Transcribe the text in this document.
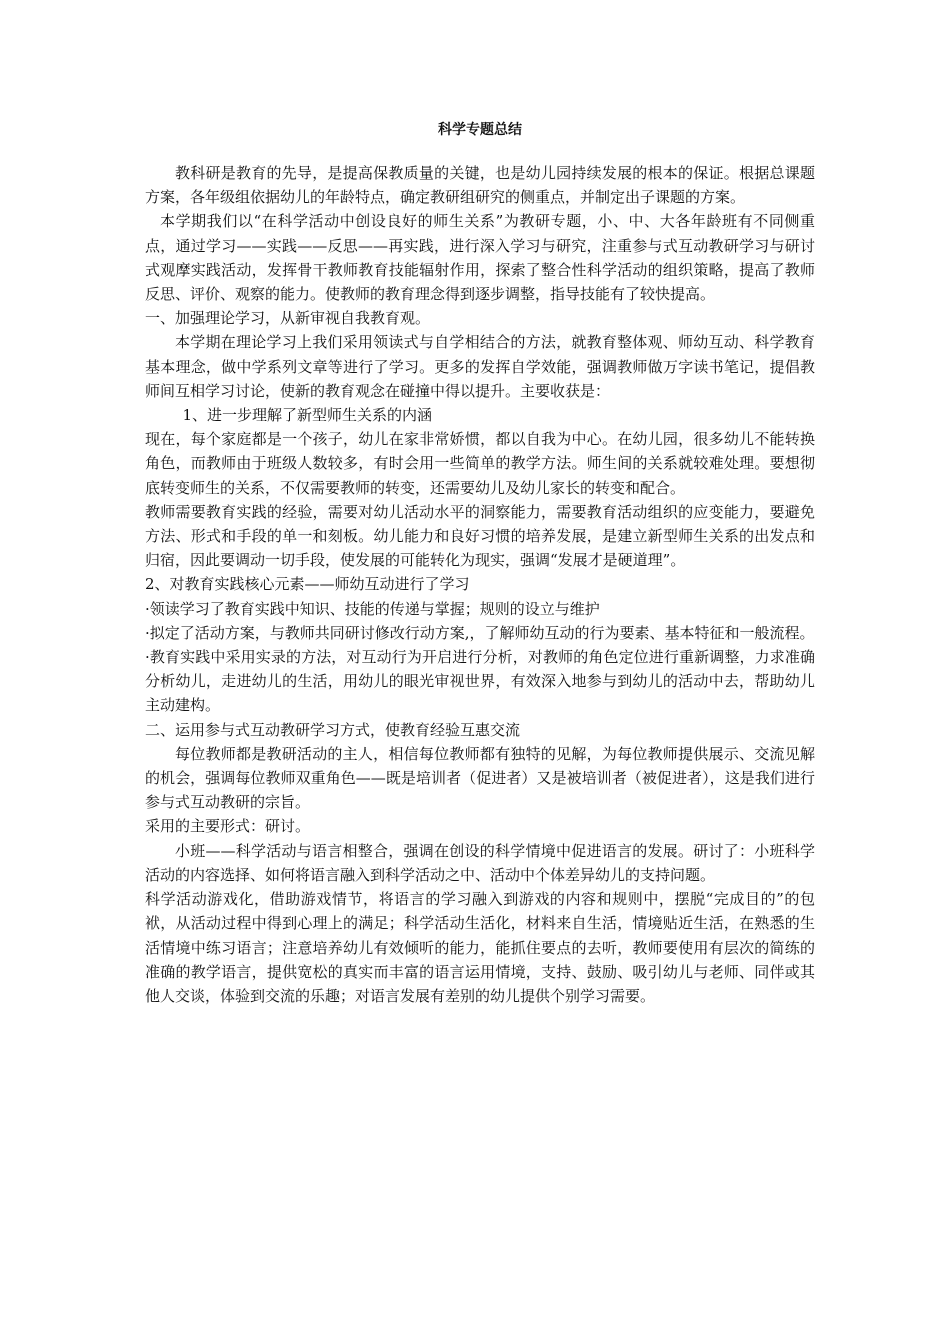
科学专题总结

教科研是教育的先导，是提高保教质量的关键，也是幼儿园持续发展的根本的保证。根据总课题方案，各年级组依据幼儿的年龄特点，确定教研组研究的侧重点，并制定出子课题的方案。

本学期我们以“在科学活动中创设良好的师生关系”为教研专题，小、中、大各年龄班有不同侧重点，通过学习——实践——反思——再实践，进行深入学习与研究，注重参与式互动教研学习与研讨式观摩实践活动，发挥骨干教师教育技能辐射作用，探索了整合性科学活动的组织策略，提高了教师反思、评价、观察的能力。使教师的教育理念得到逐步调整，指导技能有了较快提高。

一、加强理论学习，从新审视自我教育观。

本学期在理论学习上我们采用领读式与自学相结合的方法，就教育整体观、师幼互动、科学教育基本理念，做中学系列文章等进行了学习。更多的发挥自学效能，强调教师做万字读书笔记，提倡教师间互相学习讨论，使新的教育观念在碰撞中得以提升。主要收获是：

1、进一步理解了新型师生关系的内涵

现在，每个家庭都是一个孩子，幼儿在家非常娇惯，都以自我为中心。在幼儿园，很多幼儿不能转换角色，而教师由于班级人数较多，有时会用一些简单的教学方法。师生间的关系就较难处理。要想彻底转变师生的关系，不仅需要教师的转变，还需要幼儿及幼儿家长的转变和配合。

教师需要教育实践的经验，需要对幼儿活动水平的洞察能力，需要教育活动组织的应变能力，要避免方法、形式和手段的单一和刻板。幼儿能力和良好习惯的培养发展，是建立新型师生关系的出发点和归宿，因此要调动一切手段，使发展的可能转化为现实，强调“发展才是硬道理”。

2、对教育实践核心元素——师幼互动进行了学习

·领读学习了教育实践中知识、技能的传递与掌握；规则的设立与维护

·拟定了活动方案，与教师共同研讨修改行动方案,，了解师幼互动的行为要素、基本特征和一般流程。

·教育实践中采用实录的方法，对互动行为开启进行分析，对教师的角色定位进行重新调整，力求准确分析幼儿，走进幼儿的生活，用幼儿的眼光审视世界，有效深入地参与到幼儿的活动中去，帮助幼儿主动建构。

二、运用参与式互动教研学习方式，使教育经验互惠交流

每位教师都是教研活动的主人，相信每位教师都有独特的见解，为每位教师提供展示、交流见解的机会，强调每位教师双重角色——既是培训者（促进者）又是被培训者（被促进者），这是我们进行参与式互动教研的宗旨。

采用的主要形式：研讨。

小班——科学活动与语言相整合，强调在创设的科学情境中促进语言的发展。研讨了：小班科学活动的内容选择、如何将语言融入到科学活动之中、活动中个体差异幼儿的支持问题。

科学活动游戏化，借助游戏情节，将语言的学习融入到游戏的内容和规则中，摆脱“完成目的”的包袱，从活动过程中得到心理上的满足；科学活动生活化，材料来自生活，情境贴近生活，在熟悉的生活情境中练习语言；注意培养幼儿有效倾听的能力，能抓住要点的去听，教师要使用有层次的简练的准确的教学语言，提供宽松的真实而丰富的语言运用情境，支持、鼓励、吸引幼儿与老师、同伴或其他人交谈，体验到交流的乐趣；对语言发展有差别的幼儿提供个别学习需要。
